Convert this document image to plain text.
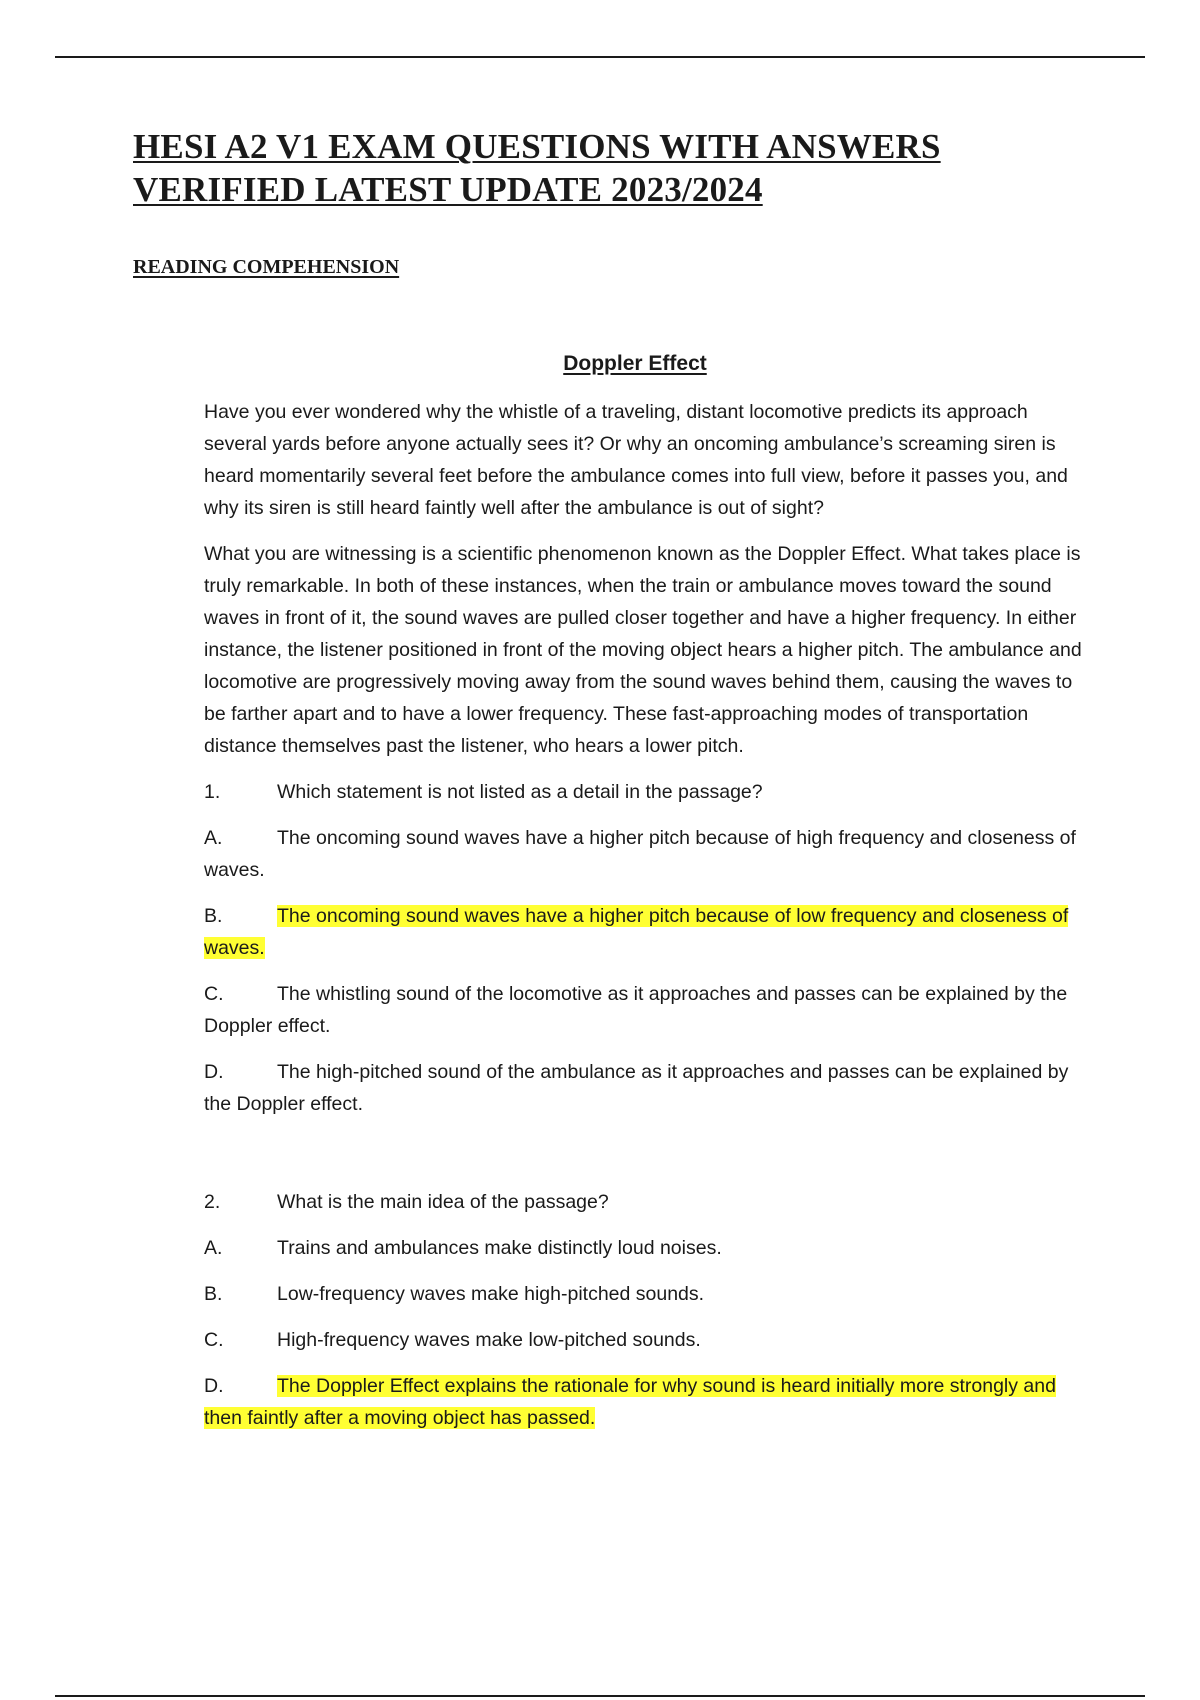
HESI A2 V1 EXAM QUESTIONS WITH ANSWERS
VERIFIED LATEST UPDATE 2023/2024
READING COMPEHENSION
Doppler Effect

Have you ever wondered why the whistle of a traveling, distant locomotive predicts its approach several yards before anyone actually sees it? Or why an oncoming ambulance’s screaming siren is heard momentarily several feet before the ambulance comes into full view, before it passes you, and why its siren is still heard faintly well after the ambulance is out of sight?

What you are witnessing is a scientific phenomenon known as the Doppler Effect. What takes place is truly remarkable. In both of these instances, when the train or ambulance moves toward the sound waves in front of it, the sound waves are pulled closer together and have a higher frequency. In either instance, the listener positioned in front of the moving object hears a higher pitch. The ambulance and locomotive are progressively moving away from the sound waves behind them, causing the waves to be farther apart and to have a lower frequency. These fast-approaching modes of transportation distance themselves past the listener, who hears a lower pitch.

1.	Which statement is not listed as a detail in the passage?

A.	The oncoming sound waves have a higher pitch because of high frequency and closeness of waves.

B.	The oncoming sound waves have a higher pitch because of low frequency and closeness of waves.

C.	The whistling sound of the locomotive as it approaches and passes can be explained by the Doppler effect.

D.	The high-pitched sound of the ambulance as it approaches and passes can be explained by the Doppler effect.

2.	What is the main idea of the passage?

A.	Trains and ambulances make distinctly loud noises.

B.	Low-frequency waves make high-pitched sounds.

C.	High-frequency waves make low-pitched sounds.

D.	The Doppler Effect explains the rationale for why sound is heard initially more strongly and then faintly after a moving object has passed.
